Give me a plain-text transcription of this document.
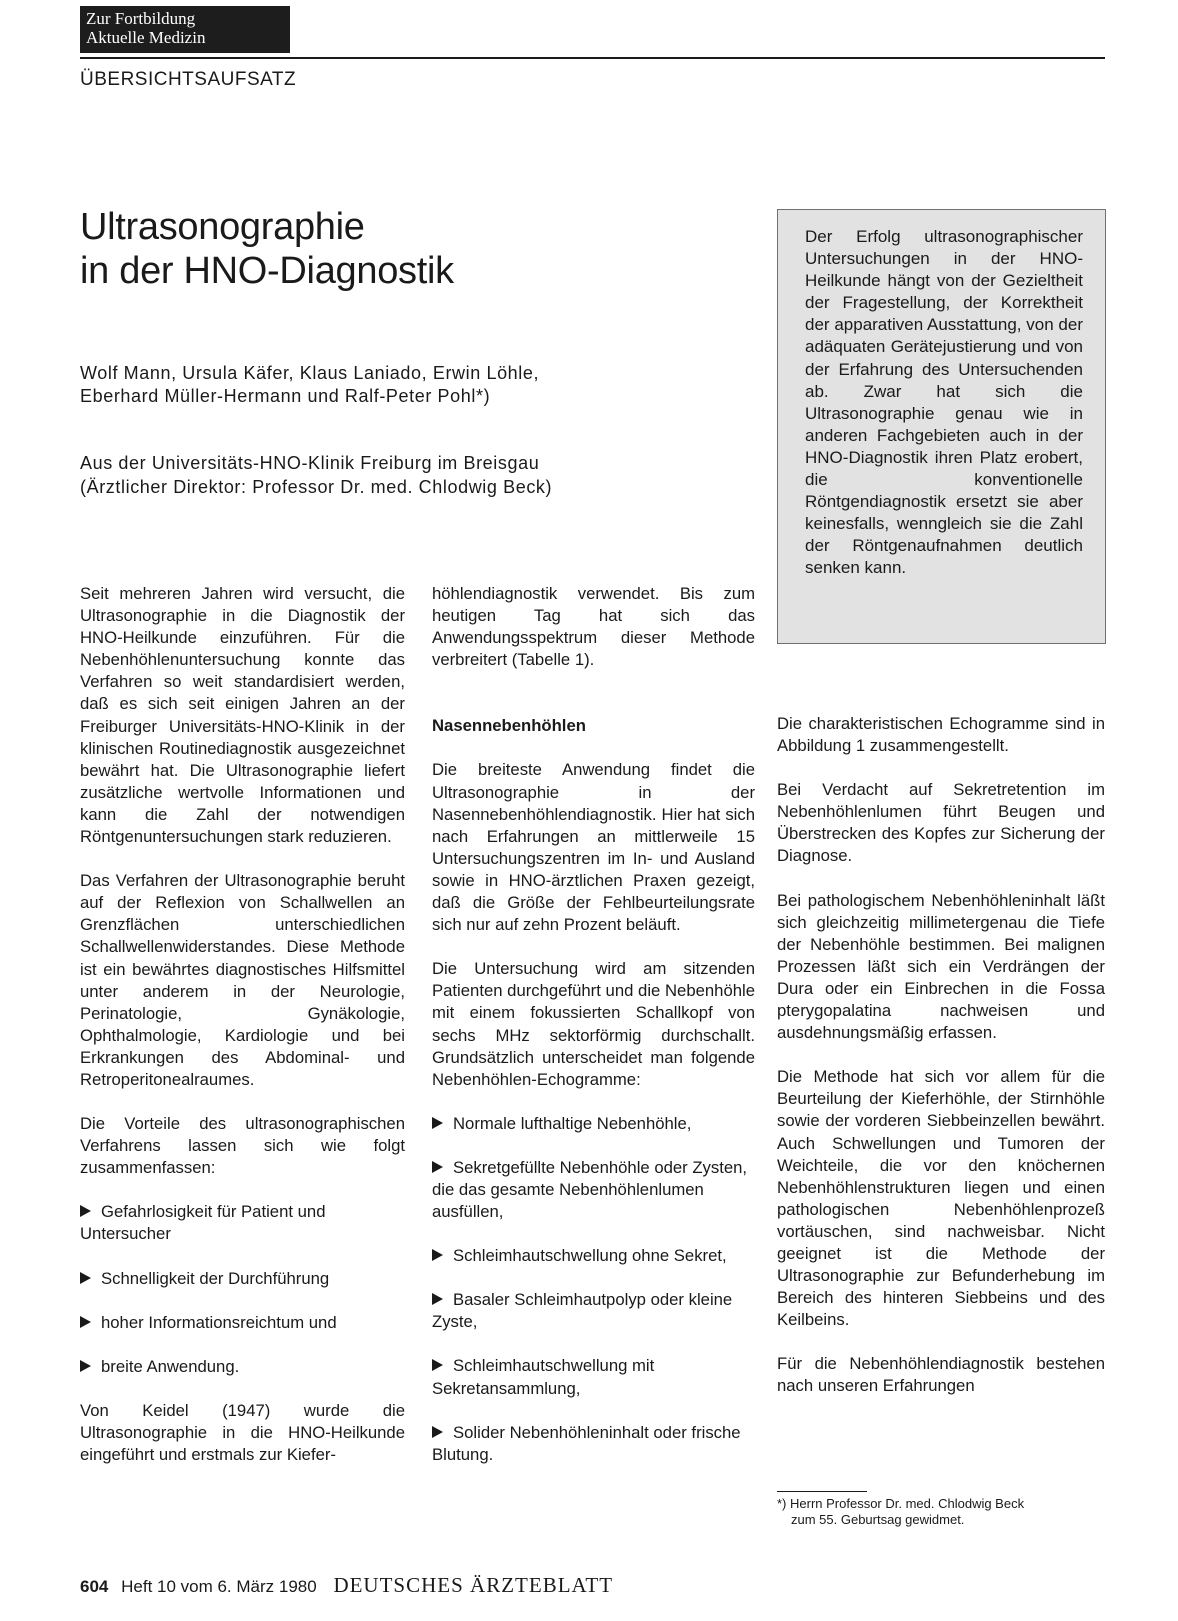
Zur Fortbildung
Aktuelle Medizin
ÜBERSICHTSAUFSATZ
Ultrasonographie
in der HNO-Diagnostik
Wolf Mann, Ursula Käfer, Klaus Laniado, Erwin Löhle,
Eberhard Müller-Hermann und Ralf-Peter Pohl*)
Aus der Universitäts-HNO-Klinik Freiburg im Breisgau
(Ärztlicher Direktor: Professor Dr. med. Chlodwig Beck)
Der Erfolg ultrasonographischer Untersuchungen in der HNO-Heilkunde hängt von der Gezieltheit der Fragestellung, der Korrektheit der apparativen Ausstattung, von der adäquaten Gerätejustierung und von der Erfahrung des Untersuchenden ab. Zwar hat sich die Ultrasonographie genau wie in anderen Fachgebieten auch in der HNO-Diagnostik ihren Platz erobert, die konventionelle Röntgendiagnostik ersetzt sie aber keinesfalls, wenngleich sie die Zahl der Röntgenaufnahmen deutlich senken kann.

Seit mehreren Jahren wird versucht, die Ultrasonographie in die Diagnostik der HNO-Heilkunde einzuführen. Für die Nebenhöhlenuntersuchung konnte das Verfahren so weit standardisiert werden, daß es sich seit einigen Jahren an der Freiburger Universitäts-HNO-Klinik in der klinischen Routinediagnostik ausgezeichnet bewährt hat. Die Ultrasonographie liefert zusätzliche wertvolle Informationen und kann die Zahl der notwendigen Röntgenuntersuchungen stark reduzieren.

Das Verfahren der Ultrasonographie beruht auf der Reflexion von Schallwellen an Grenzflächen unterschiedlichen Schallwellenwiderstandes. Diese Methode ist ein bewährtes diagnostisches Hilfsmittel unter anderem in der Neurologie, Perinatologie, Gynäkologie, Ophthalmologie, Kardiologie und bei Erkrankungen des Abdominal- und Retroperitonealraumes.

Die Vorteile des ultrasonographischen Verfahrens lassen sich wie folgt zusammenfassen:

Gefahrlosigkeit für Patient und Untersucher
Schnelligkeit der Durchführung
hoher Informationsreichtum und
breite Anwendung.

Von Keidel (1947) wurde die Ultrasonographie in die HNO-Heilkunde eingeführt und erstmals zur Kiefer-

höhlendiagnostik verwendet. Bis zum heutigen Tag hat sich das Anwendungsspektrum dieser Methode verbreitert (Tabelle 1).

Nasennebenhöhlen

Die breiteste Anwendung findet die Ultrasonographie in der Nasennebenhöhlendiagnostik. Hier hat sich nach Erfahrungen an mittlerweile 15 Untersuchungszentren im In- und Ausland sowie in HNO-ärztlichen Praxen gezeigt, daß die Größe der Fehlbeurteilungsrate sich nur auf zehn Prozent beläuft.

Die Untersuchung wird am sitzenden Patienten durchgeführt und die Nebenhöhle mit einem fokussierten Schallkopf von sechs MHz sektorförmig durchschallt. Grundsätzlich unterscheidet man folgende Nebenhöhlen-Echogramme:

Normale lufthaltige Nebenhöhle,
Sekretgefüllte Nebenhöhle oder Zysten, die das gesamte Nebenhöhlenlumen ausfüllen,
Schleimhautschwellung ohne Sekret,
Basaler Schleimhautpolyp oder kleine Zyste,
Schleimhautschwellung mit Sekretansammlung,
Solider Nebenhöhleninhalt oder frische Blutung.

Die charakteristischen Echogramme sind in Abbildung 1 zusammengestellt.

Bei Verdacht auf Sekretretention im Nebenhöhlenlumen führt Beugen und Überstrecken des Kopfes zur Sicherung der Diagnose.

Bei pathologischem Nebenhöhleninhalt läßt sich gleichzeitig millimetergenau die Tiefe der Nebenhöhle bestimmen. Bei malignen Prozessen läßt sich ein Verdrängen der Dura oder ein Einbrechen in die Fossa pterygopalatina nachweisen und ausdehnungsmäßig erfassen.

Die Methode hat sich vor allem für die Beurteilung der Kieferhöhle, der Stirnhöhle sowie der vorderen Siebbeinzellen bewährt. Auch Schwellungen und Tumoren der Weichteile, die vor den knöchernen Nebenhöhlenstrukturen liegen und einen pathologischen Nebenhöhlenprozeß vortäuschen, sind nachweisbar. Nicht geeignet ist die Methode der Ultrasonographie zur Befunderhebung im Bereich des hinteren Siebbeins und des Keilbeins.

Für die Nebenhöhlendiagnostik bestehen nach unseren Erfahrungen

*) Herrn Professor Dr. med. Chlodwig Beck
zum 55. Geburtsag gewidmet.
604 Heft 10 vom 6. März 1980 DEUTSCHES ÄRZTEBLATT
